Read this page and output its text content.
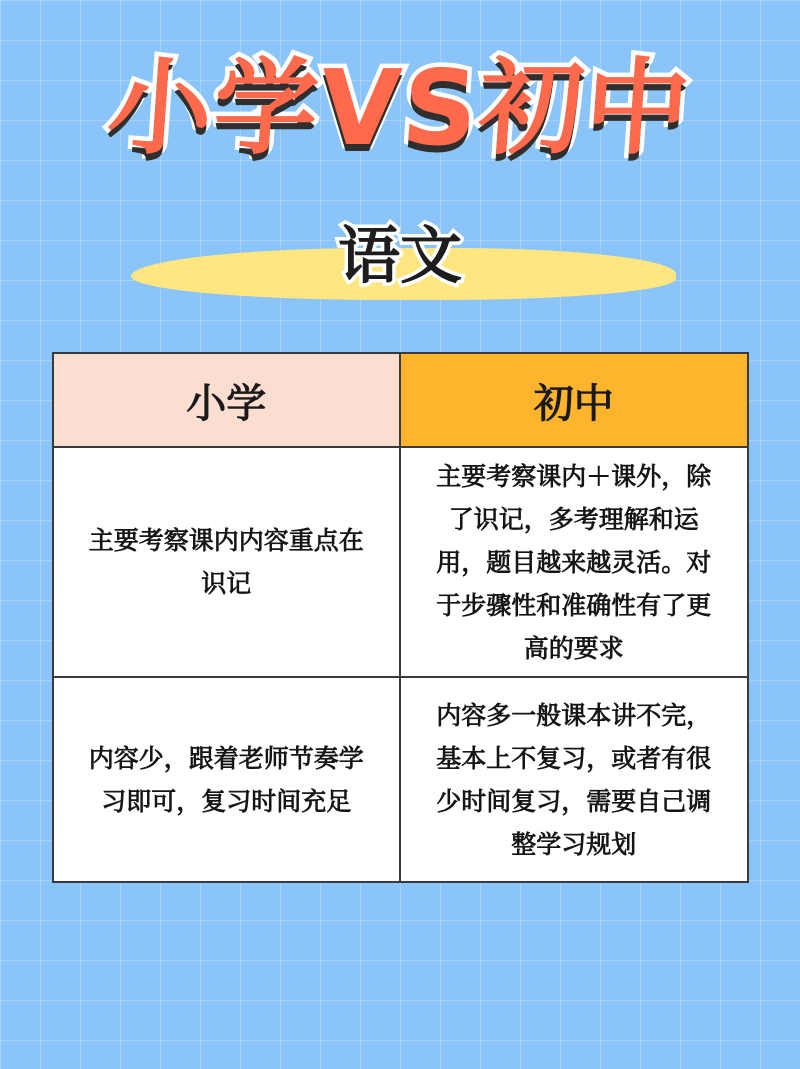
小学VS初中
语文
小学	初中
主要考察课内内容重点在识记
主要考察课内＋课外，除了识记，多考理解和运用，题目越来越灵活。对于步骤性和准确性有了更高的要求
内容少，跟着老师节奏学习即可，复习时间充足
内容多一般课本讲不完，基本上不复习，或者有很少时间复习，需要自己调整学习规划
